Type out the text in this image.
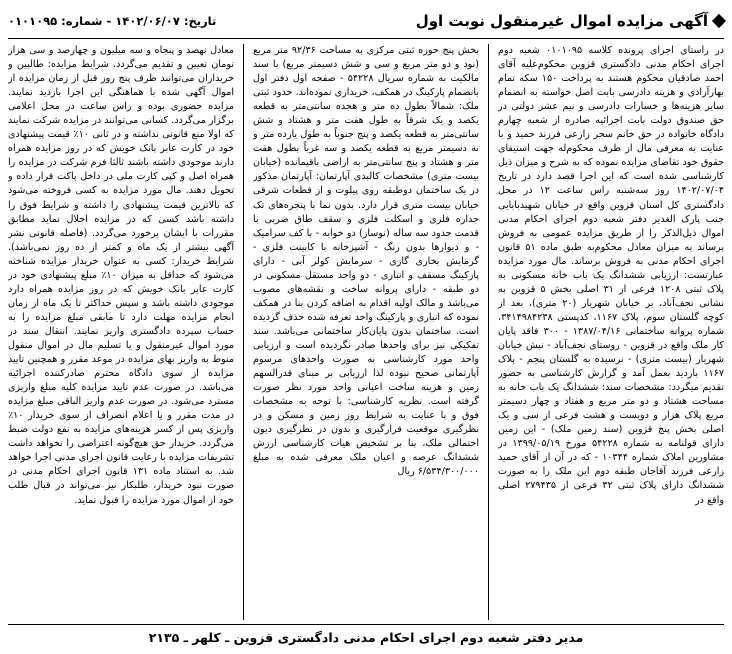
آگهی مزایده اموال غیرمنقول نوبت اول
تاریخ: ۱۴۰۲/۰۶/۰۷ - شماره: ۰۱۰۱۰۹۵

در راستای اجرای پرونده کلاسه ۰۱۰۱۰۹۵ شعبه دوم اجرای احکام مدنی دادگستری قزوین محکوم‌علیه آقای احمد صادقیان محکوم هستند به پرداخت ۱۵۰ سکه تمام بهارآزادی و هزینه دادرسی بابت اصل خواسته به انضمام سایر هزینه‌ها و خسارات دادرسی و نیم عشر دولتی در حق صندوق دولت بابت اجرائیه صادره از شعبه چهارم دادگاه خانواده در حق خانم سحر زارعی فرزند حمید و با عنایت به معرفی مال از طرف محکوم‌له جهت استیفای حقوق خود تقاضای مزایده نموده که به شرح و میزان ذیل کارشناسی شده است که این اجرا قصد دارد در تاریخ ۱۴۰۲/۰۷/۰۴ روز سه‌شنبه راس ساعت ۱۲ در محل دادگستری کل استان قزوین واقع در خیابان شهیدبابایی جنب پارک الغدیر دفتر شعبه دوم اجرای احکام مدنی اموال ذیل‌الذکر را از طریق مزایده عمومی به فروش برساند به میزان معادل محکوم‌به طبق ماده ۵۱ قانون اجرای احکام مدنی به فروش برساند. مال مورد مزایده عبارتست: ارزیابی ششدانگ یک باب خانه مسکونی به پلاک ثبتی ۱۲۰۸ فرعی از ۳۱ اصلی بخش ۵ قزوین به نشانی نجف‌آباد، بر خیابان شهریار (۲۰ متری)، بعد از کوچه گلستان سوم، پلاک ۱۱۶۷، کدپستی ۳۴۱۴۹۸۴۲۳۸، شماره پروانه ساختمانی ۱۳۸۷/۰۴/۱۶ - ۳۰۰ فاقد پایان کار ملک واقع در قزوین - روستای نجف‌آباد - نبش خیابان شهریار (بیست متری) - نرسیده به گلستان پنجم - پلاک ۱۱۶۷ بازدید بعمل آمد و گزارش کارشناسی به حضور تقدیم میگردد: مشخصات سند: ششدانگ یک باب خانه به مساحت هشتاد و دو متر مربع و هفتاد و چهار دسیمتر مربع پلاک هزار و دویست و هشت فرعی از سی و یک اصلی بخش پنج قزوین (سند زمین ملک) - این زمین دارای قولنامه به شماره ۵۴۲۲۸ مورخ ۱۳۹۹/۰۵/۱۹ در مشاورین املاک شماره ۱۰۳۴۴ - که در آن از آقای حمید زارعی فرزند آقاجان طبقه دوم این ملک را به صورت ششدانگ دارای پلاک ثبتی ۳۲ فرعی از ۲۷۹۴۳۵ اصلی واقع در

بخش پنج حوزه ثبتی مرکزی به مساحت ۹۲/۳۶ متر مربع (نود و دو متر مربع و سی و شش دسیمتر مربع) با سند مالکیت به شماره سریال ۵۴۲۲۸ - صفحه اول دفتر اول بانضمام پارکینگ در همکف، خریداری نموده‌اند. حدود ثبتی ملک: شمالاً بطول ده متر و هجده سانتی‌متر به قطعه یکصد و یک شرقاً به طول هفت متر و هشتاد و شش سانتی‌متر به قطعه یکصد و پنج جنوباً به طول یازده متر و نه دسیمتر مربع به قطعه یکصد و سه غرباً بطول هفت متر و هشتاد و پنج سانتی‌متر به اراضی باقیمانده (خیابان بیست متری) مشخصات کالبدی آپارتمان: آپارتمان مذکور در یک ساختمان دوطبقه روی پیلوت و از قطعات شرقی خیابان بیست متری قرار دارد. بدون نما با پنجره‌های تک جداره فلزی و اسکلت فلزی و سقف طاق ضربی با قدمت حدود سه ساله (نوساز) دو خوابه - با کف سرامیک - و دیوارها بدون رنگ - آشپزخانه با کابینت فلزی - گرمایش بخاری گازی - سرمایش کولر آبی - دارای پارکینگ مسقف و انباری - دو واحد مستقل مسکونی در دو طبقه - دارای پروانه ساخت و نقشه‌های مصوب می‌باشد و مالک اولیه اقدام به اضافه کردن بنا در همکف نموده که انباری و پارکینگ واحد تعرفه شده حذف گردیده است. ساختمان بدون پایان‌کار ساختمانی می‌باشد. سند تفکیکی نیز برای واحدها صادر نگردیده است و ارزیابی واحد مورد کارشناسی به صورت واحدهای مرسوم آپارتمانی صحیح نبوده لذا ارزیابی بر مبنای قدرالسهم زمین و هزینه ساخت اعیانی واحد مورد نظر صورت گرفته است. نظریه کارشناسی: با توجه به مشخصات فوق و با عنایت به شرایط روز زمین و مسکن و در نظرگیری موقعیت قرارگیری و بدون در نظرگیری دیون احتمالی ملک، بنا بر تشخیص هیات کارشناسی ارزش ششدانگ عرصه و اعیان ملک معرفی شده به مبلغ ۶/۵۳۴/۳۰۰/۰۰۰ ریال

معادل نهصد و پنجاه و سه میلیون و چهارصد و سی هزار تومان تعیین و تقدیم می‌گردد. شرایط مزایده: طالبین و خریداران می‌توانند ظرف پنج روز قبل از زمان مزایده از اموال آگهی شده با هماهنگی این اجرا بازدید نمایند. مزایده حضوری بوده و راس ساعت در محل اعلامی برگزار می‌گردد. کسانی می‌توانند در مزایده شرکت نمایند که اولا منع قانونی نداشته و در ثانی ۱۰٪ قیمت پیشنهادی خود در کارت عابر بانک خویش که در روز مزایده همراه دارند موجودی داشته باشند ثالثا فرم شرکت در مزایده را همراه اصل و کپی کارت ملی در داخل پاکت قرار داده و تحویل دهند. مال مورد مزایده به کسی فروخته می‌شود که بالاترین قیمت پیشنهادی را داشته و شرایط فوق را داشته باشد کسی که در مزایده اخلال نماید مطابق مقررات با ایشان برخورد می‌گردد. (فاصله قانونی نشر آگهی بیشتر از یک ماه و کمتر از ده روز نمی‌باشد). شرایط خریدار: کسی به عنوان خریدار مزایده شناخته می‌شود که حداقل به میزان ۱۰٪ مبلغ پیشنهادی خود در کارت عابر بانک خویش که در روز مزایده همراه دارد موجودی داشته باشد و سپس حداکثر تا یک ماه از زمان انجام مزایده مهلت دارد تا مابقی مبلغ مزایده را به حساب سپرده دادگستری واریز نمایند. انتقال سند در مورد اموال غیرمنقول و یا تسلیم مال در اموال منقول منوط به واریز بهای مزایده در موعد مقرر و همچنین تایید مزایده از سوی دادگاه محترم صادرکننده اجرائیه می‌باشد. در صورت عدم تایید مزایده کلیه مبلغ واریزی مسترد می‌شود. در صورت عدم واریز الباقی مبلغ مزایده در مدت مقرر و یا اعلام انصراف از سوی خریدار ۱۰٪ واریزی پس از کسر هزینه‌های مزایده به نفع دولت ضبط می‌گردد. خریدار حق هیچ‌گونه اعتراضی را نخواهد داشت تشریفات مزایده با رعایت قانون اجرای مدنی اجرا خواهد شد. به استناد ماده ۱۳۱ قانون اجرای احکام مدنی در صورت نبود خریدار، طلبکار نیز می‌تواند در قبال طلب خود از اموال مورد مزایده را قبول نماید.

مدیر دفتر شعبه دوم اجرای احکام مدنی دادگستری قزوین ـ کلهر ـ ۲۱۳۵
